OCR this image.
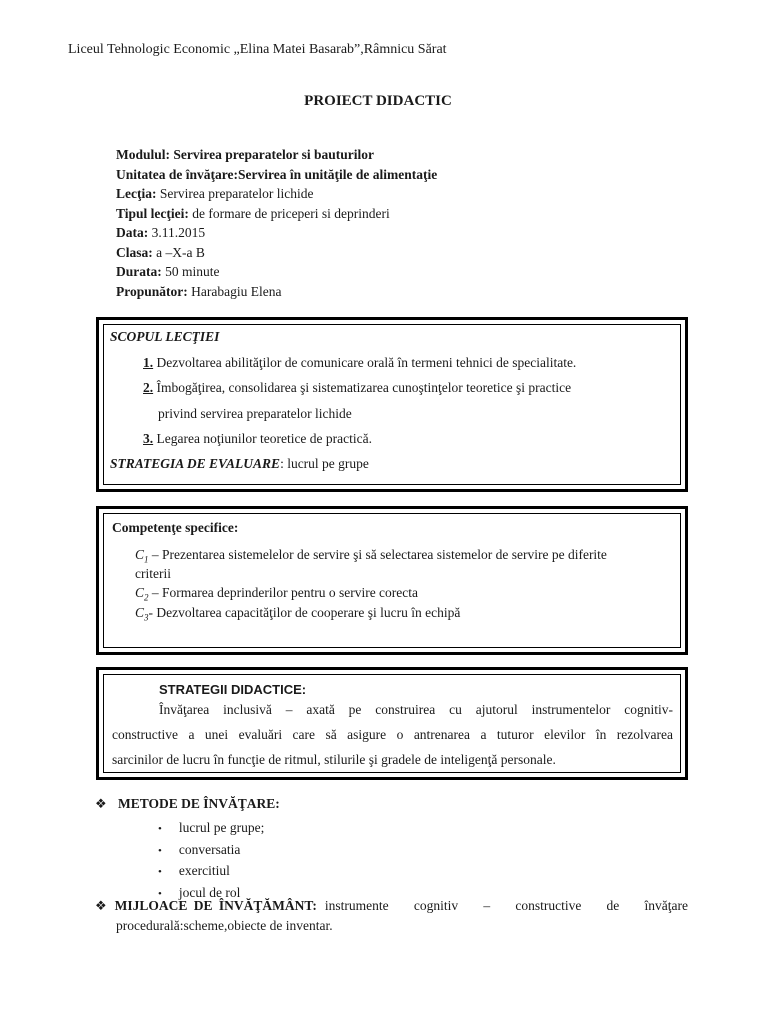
Liceul Tehnologic Economic „Elina Matei Basarab”,Râmnicu Sărat
PROIECT DIDACTIC
Modulul: Servirea preparatelor si bauturilor
Unitatea de învăţare:Servirea în unităţile de alimentaţie
Lecţia: Servirea preparatelor lichide
Tipul lecţiei: de formare de priceperi si deprinderi
Data: 3.11.2015
Clasa: a –X-a B
Durata: 50 minute
Propunător: Harabagiu Elena
SCOPUL LECŢIEI
1. Dezvoltarea abilităţilor de comunicare orală în termeni tehnici de specialitate.
2. Îmbogăţirea, consolidarea şi sistematizarea cunoştinţelor teoretice şi practice
privind servirea preparatelor lichide
3. Legarea noţiunilor teoretice de practică.
STRATEGIA DE EVALUARE: lucrul pe grupe
Competenţe specifice:
$C_1$ – Prezentarea sistemelelor de servire şi să selectarea sistemelor de servire pe diferite
criterii
$C_2$ – Formarea deprinderilor pentru o servire corecta
$C_3-$ Dezvoltarea capacităţilor de cooperare şi lucru în echipă
STRATEGII DIDACTICE:
Învăţarea inclusivă – axată pe construirea cu ajutorul instrumentelor cognitiv-
constructive a unei evaluări care să asigure o antrenarea a tuturor elevilor în rezolvarea
sarcinilor de lucru în funcţie de ritmul, stilurile şi gradele de inteligenţă personale.
❖ METODE DE ÎNVĂŢARE:
• lucrul pe grupe;
• conversatia
• exercitiul
• jocul de rol
❖ MIJLOACE DE ÎNVĂŢĂMÂNT: instrumente cognitiv – constructive de învăţare
procedurală:scheme,obiecte de inventar.
